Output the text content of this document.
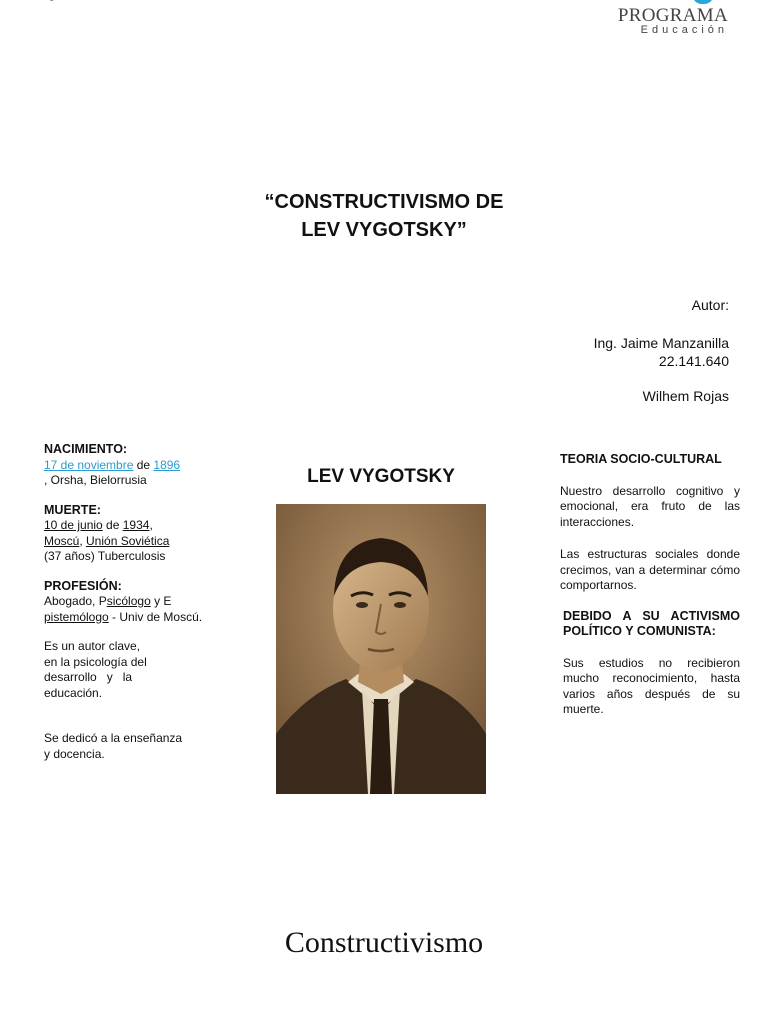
PROGRAMA
Educación
“CONSTRUCTIVISMO DE
LEV VYGOTSKY”

Autor:

Ing. Jaime Manzanilla

22.141.640

Wilhem Rojas

NACIMIENTO:

17 de noviembre de 1896

, Orsha, Bielorrusia

MUERTE:

10 de junio de 1934,

Moscú, Unión Soviética

(37 años) Tuberculosis

PROFESIÓN:

Abogado, Psicólogo y E

pistemólogo - Univ de Moscú.

Es un autor clave,

en la psicología del

desarrollo   y   la

educación.

Se dedicó a la enseñanza

y docencia.

LEV VYGOTSKY

TEORIA SOCIO-CULTURAL

Nuestro desarrollo cognitivo y emocional, era fruto de las interacciones.

Las estructuras sociales donde crecimos, van a determinar cómo comportarnos.

DEBIDO A SU ACTIVISMO POLÍTICO Y COMUNISTA:

Sus estudios no recibieron mucho reconocimiento, hasta varios años después de su muerte.

Constructivismo
